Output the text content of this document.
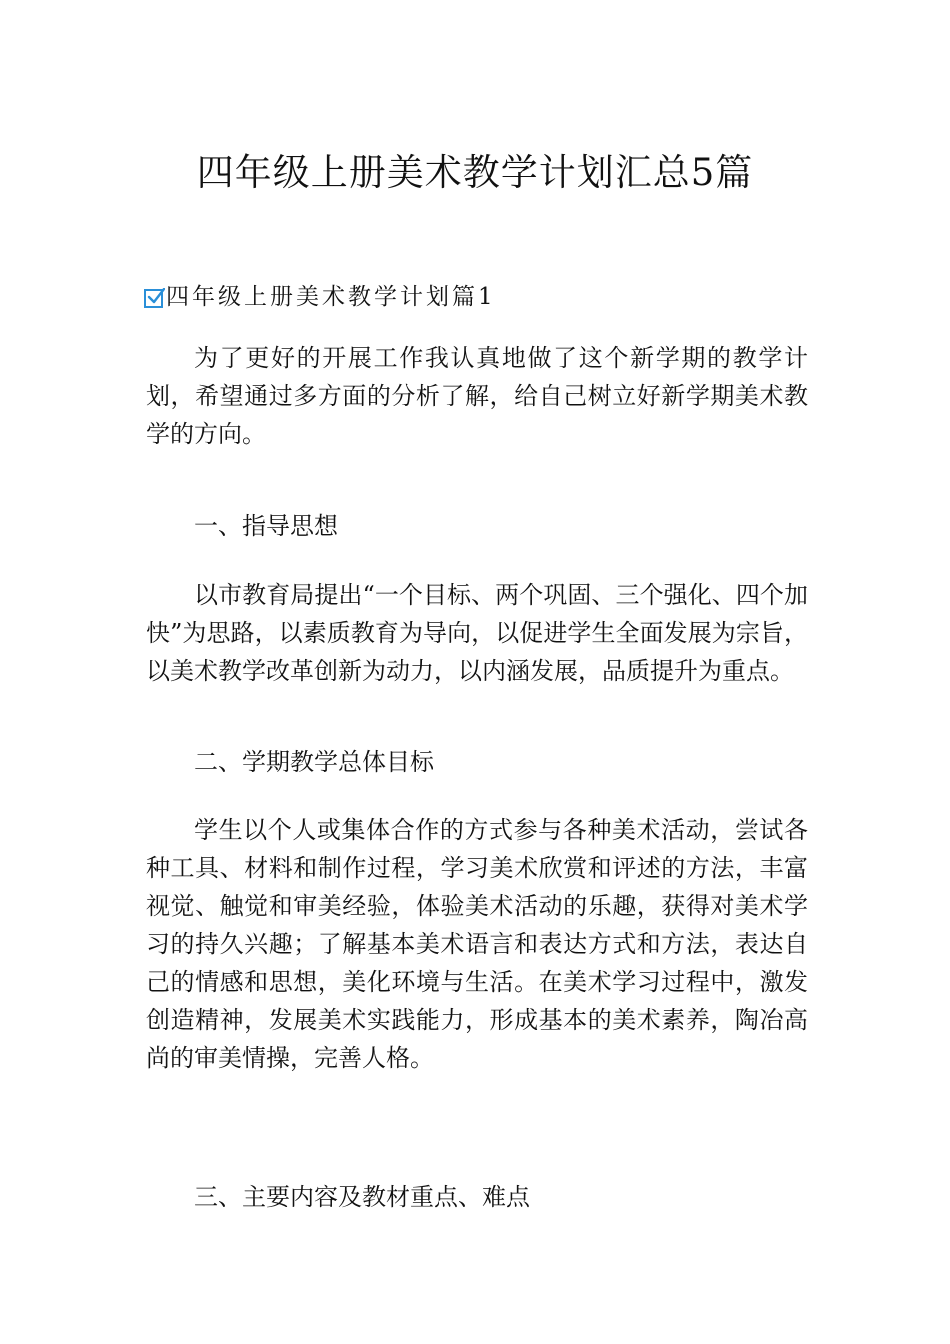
四年级上册美术教学计划汇总5篇
四年级上册美术教学计划篇1

为了更好的开展工作我认真地做了这个新学期的教学计划，希望通过多方面的分析了解，给自己树立好新学期美术教学的方向。

一、指导思想

以市教育局提出“一个目标、两个巩固、三个强化、四个加快”为思路，以素质教育为导向，以促进学生全面发展为宗旨，以美术教学改革创新为动力，以内涵发展，品质提升为重点。

二、学期教学总体目标

学生以个人或集体合作的方式参与各种美术活动，尝试各种工具、材料和制作过程，学习美术欣赏和评述的方法，丰富视觉、触觉和审美经验，体验美术活动的乐趣，获得对美术学习的持久兴趣；了解基本美术语言和表达方式和方法，表达自己的情感和思想，美化环境与生活。在美术学习过程中，激发创造精神，发展美术实践能力，形成基本的美术素养，陶冶高尚的审美情操，完善人格。

三、主要内容及教材重点、难点
